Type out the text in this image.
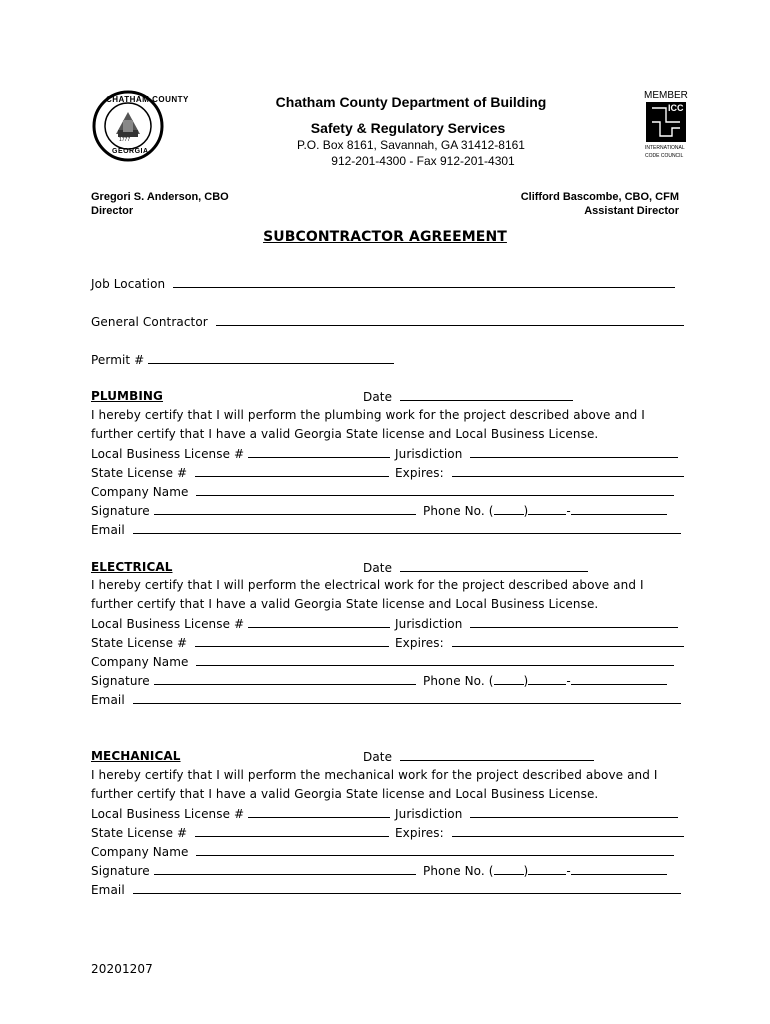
CHATHAM COUNTY
1777
GEORGIA
Chatham County Department of Building
Safety & Regulatory Services
P.O. Box 8161, Savannah, GA 31412-8161
912-201-4300 - Fax 912-201-4301
MEMBER
ICC
INTERNATIONAL
CODE COUNCIL
Gregori S. Anderson, CBO
Director
Clifford Bascombe, CBO, CFM
Assistant Director
SUBCONTRACTOR AGREEMENT
Job Location
General Contractor
Permit #
PLUMBING	Date
I hereby certify that I will perform the plumbing work for the project described above and I
further certify that I have a valid Georgia State license and Local Business License.
Local Business License #	Jurisdiction
State License #	Expires:
Company Name
Signature	Phone No. (	)	-
Email
ELECTRICAL	Date
I hereby certify that I will perform the electrical work for the project described above and I
further certify that I have a valid Georgia State license and Local Business License.
Local Business License #	Jurisdiction
State License #	Expires:
Company Name
Signature	Phone No. (	)	-
Email
MECHANICAL	Date
I hereby certify that I will perform the mechanical work for the project described above and I
further certify that I have a valid Georgia State license and Local Business License.
Local Business License #	Jurisdiction
State License #	Expires:
Company Name
Signature	Phone No. (	)	-
Email
20201207
